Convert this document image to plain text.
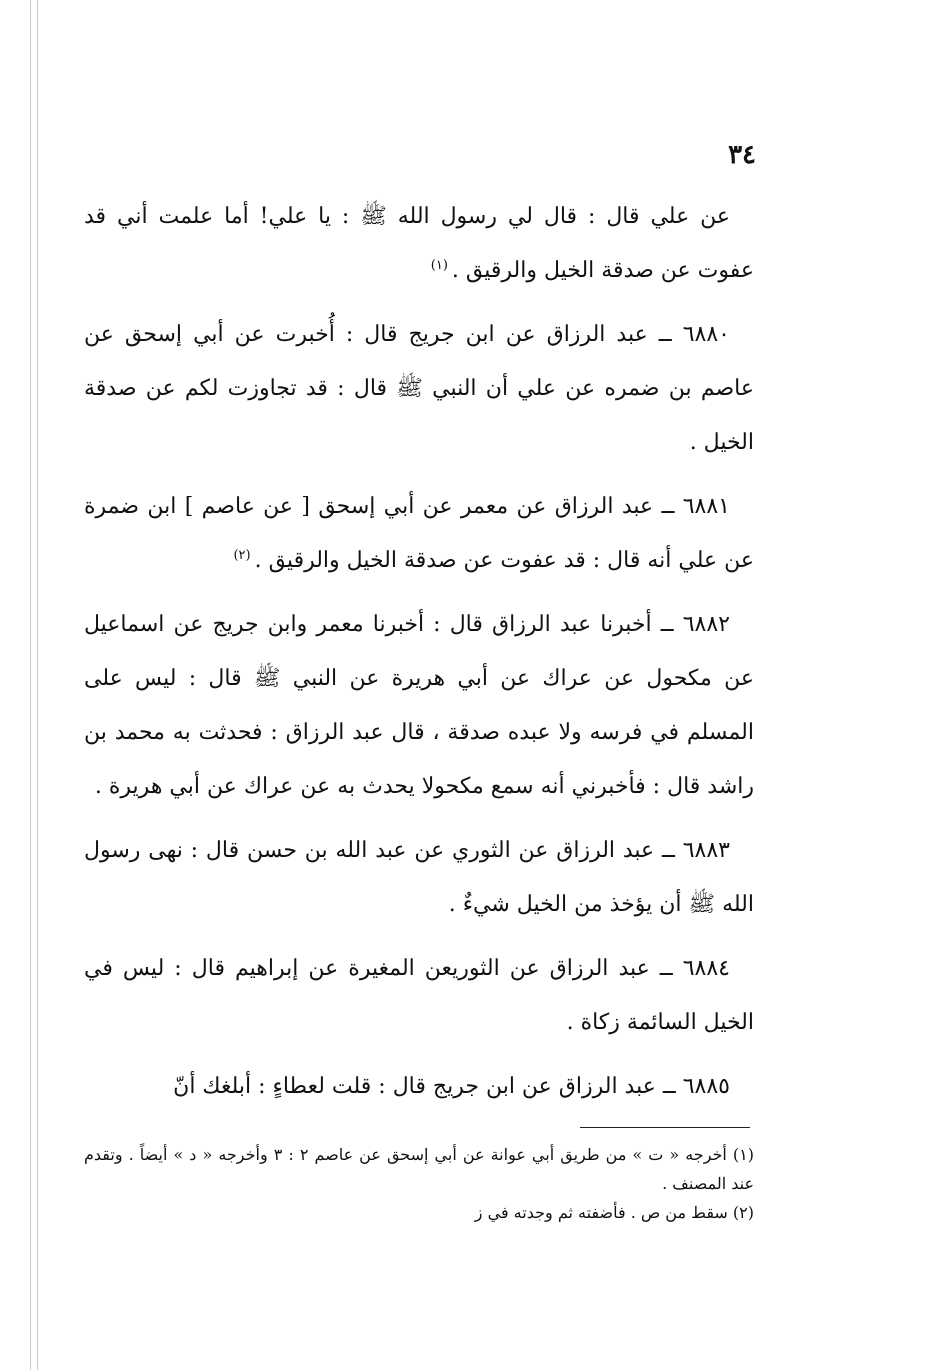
٣٤

عن علي قال : قال لي رسول الله ﷺ : يا علي! أما علمت أني قد عفوت عن صدقة الخيل والرقيق .$^{(١)}$

٦٨٨٠ ــ عبد الرزاق عن ابن جريج قال : أُخبرت عن أبي إسحق عن عاصم بن ضمره عن علي أن النبي ﷺ قال : قد تجاوزت لكم عن صدقة الخيل .

٦٨٨١ ــ عبد الرزاق عن معمر عن أبي إسحق [ عن عاصم ] ابن ضمرة عن علي أنه قال : قد عفوت عن صدقة الخيل والرقيق .$^{(٢)}$

٦٨٨٢ ــ أخبرنا عبد الرزاق قال : أخبرنا معمر وابن جريج عن اسماعيل عن مكحول عن عراك عن أبي هريرة عن النبي ﷺ قال : ليس على المسلم في فرسه ولا عبده صدقة ، قال عبد الرزاق : فحدثت به محمد بن راشد قال : فأخبرني أنه سمع مكحولا يحدث به عن عراك عن أبي هريرة .

٦٨٨٣ ــ عبد الرزاق عن الثوري عن عبد الله بن حسن قال : نهى رسول الله ﷺ أن يؤخذ من الخيل شيءٌ .

٦٨٨٤ ــ عبد الرزاق عن الثوريعن المغيرة عن إبراهيم قال : ليس في الخيل السائمة زكاة .

٦٨٨٥ ــ عبد الرزاق عن ابن جريج قال : قلت لعطاءٍ : أبلغك أنّ

(١) أخرجه « ت » من طريق أبي عوانة عن أبي إسحق عن عاصم ٢ : ٣ وأخرجه « د » أيضاً . وتقدم عند المصنف .

(٢) سقط من ص . فأضفته ثم وجدته في ز
